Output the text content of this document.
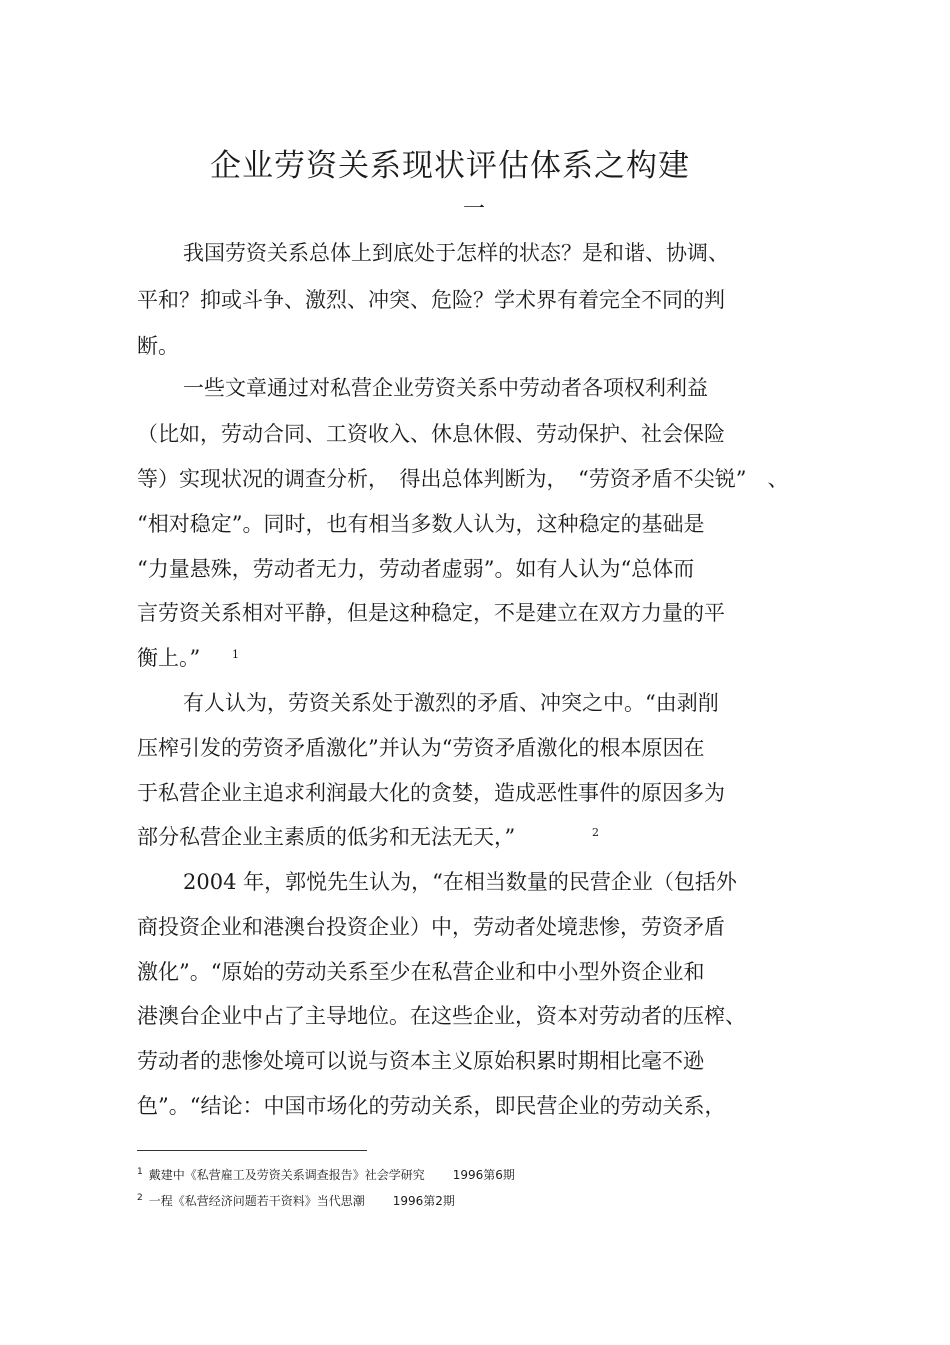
企业劳资关系现状评估体系之构建
一
我国劳资关系总体上到底处于怎样的状态？是和谐、协调、
平和？抑或斗争、激烈、冲突、危险？学术界有着完全不同的判
断。
一些文章通过对私营企业劳资关系中劳动者各项权利利益
（比如，劳动合同、工资收入、休息休假、劳动保护、社会保险
等）实现状况的调查分析，　得出总体判断为，　“劳资矛盾不尖锐”　、
“相对稳定”。同时，也有相当多数人认为，这种稳定的基础是
“力量悬殊，劳动者无力，劳动者虚弱”。如有人认为“总体而
言劳资关系相对平静，但是这种稳定，不是建立在双方力量的平
衡上。”	1
有人认为，劳资关系处于激烈的矛盾、冲突之中。“由剥削
压榨引发的劳资矛盾激化”并认为“劳资矛盾激化的根本原因在
于私营企业主追求利润最大化的贪婪，造成恶性事件的原因多为
部分私营企业主素质的低劣和无法无天，”	2
2004 年，郭悦先生认为，“在相当数量的民营企业（包括外
商投资企业和港澳台投资企业）中，劳动者处境悲惨，劳资矛盾
激化”。“原始的劳动关系至少在私营企业和中小型外资企业和
港澳台企业中占了主导地位。在这些企业，资本对劳动者的压榨、
劳动者的悲惨处境可以说与资本主义原始积累时期相比毫不逊
色”。“结论：中国市场化的劳动关系，即民营企业的劳动关系，
$^1$ 戴建中《私营雇工及劳资关系调查报告》社会学研究 1996第6期
$^2$ 一程《私营经济问题若干资料》当代思潮 1996第2期
